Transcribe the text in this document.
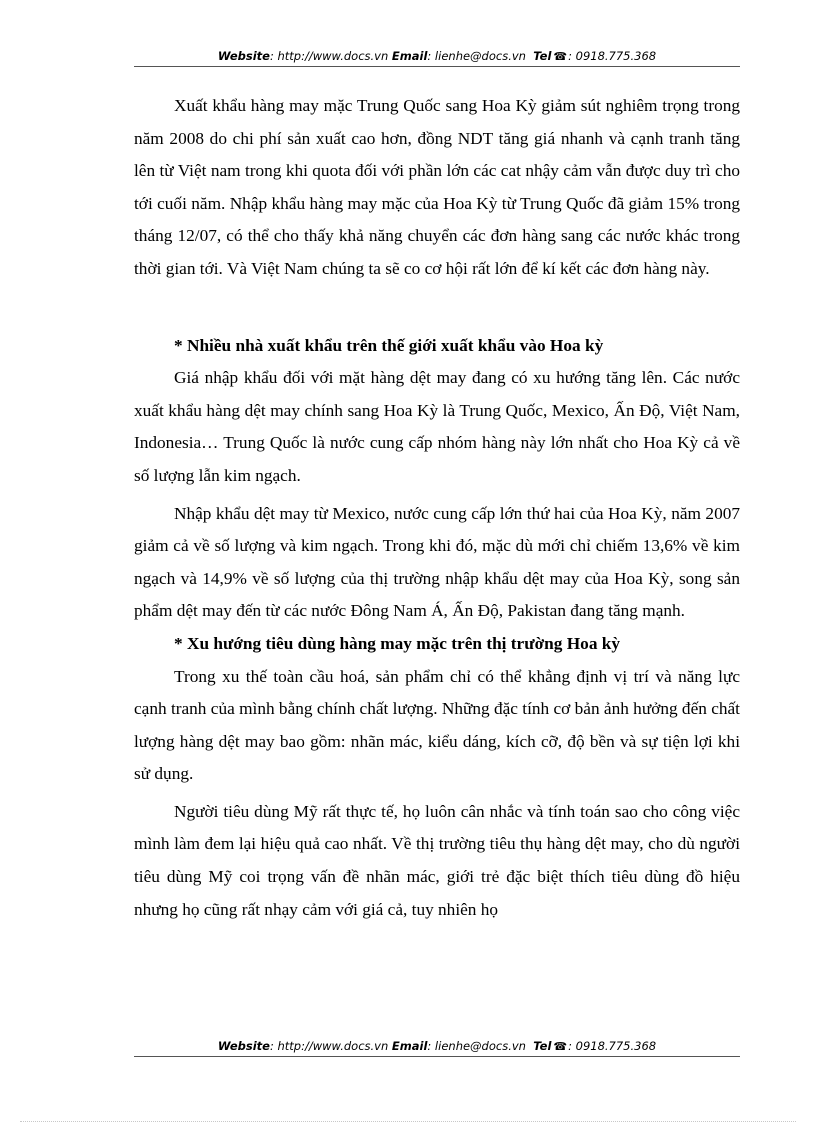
Website: http://www.docs.vn Email: lienhe@docs.vn Tel ☎: 0918.775.368

Xuất khẩu hàng may mặc Trung Quốc sang Hoa Kỳ giảm sút nghiêm trọng trong năm 2008 do chi phí sản xuất cao hơn, đồng NDT tăng giá nhanh và cạnh tranh tăng lên từ Việt nam trong khi quota đối với phần lớn các cat nhậy cảm vẫn được duy trì cho tới cuối năm. Nhập khẩu hàng may mặc của Hoa Kỳ từ Trung Quốc đã giảm 15% trong tháng 12/07, có thể cho thấy khả năng chuyển các đơn hàng sang các nước khác trong thời gian tới. Và Việt Nam chúng ta sẽ co cơ hội rất lớn để kí kết các đơn hàng này.

* Nhiều nhà xuất khẩu trên thế giới xuất khẩu vào Hoa kỳ

Giá nhập khẩu đối với mặt hàng dệt may đang có xu hướng tăng lên. Các nước xuất khẩu hàng dệt may chính sang Hoa Kỳ là Trung Quốc, Mexico, Ấn Độ, Việt Nam, Indonesia… Trung Quốc là nước cung cấp nhóm hàng này lớn nhất cho Hoa Kỳ cả về số lượng lẫn kim ngạch.

Nhập khẩu dệt may từ Mexico, nước cung cấp lớn thứ hai của Hoa Kỳ, năm 2007 giảm cả về số lượng và kim ngạch. Trong khi đó, mặc dù mới chỉ chiếm 13,6% về kim ngạch và 14,9% về số lượng của thị trường nhập khẩu dệt may của Hoa Kỳ, song sản phẩm dệt may đến từ các nước Đông Nam Á, Ấn Độ, Pakistan đang tăng mạnh.

* Xu hướng tiêu dùng hàng may mặc trên thị trường Hoa kỳ

Trong xu thế toàn cầu hoá, sản phẩm chỉ có thể khẳng định vị trí và năng lực cạnh tranh của mình bằng chính chất lượng. Những đặc tính cơ bản ảnh hưởng đến chất lượng hàng dệt may bao gồm: nhãn mác, kiểu dáng, kích cỡ, độ bền và sự tiện lợi khi sử dụng.

Người tiêu dùng Mỹ rất thực tế, họ luôn cân nhắc và tính toán sao cho công việc mình làm đem lại hiệu quả cao nhất. Về thị trường tiêu thụ hàng dệt may, cho dù người tiêu dùng Mỹ coi trọng vấn đề nhãn mác, giới trẻ đặc biệt thích tiêu dùng đồ hiệu nhưng họ cũng rất nhạy cảm với giá cả, tuy nhiên họ

Website: http://www.docs.vn Email: lienhe@docs.vn Tel ☎: 0918.775.368
